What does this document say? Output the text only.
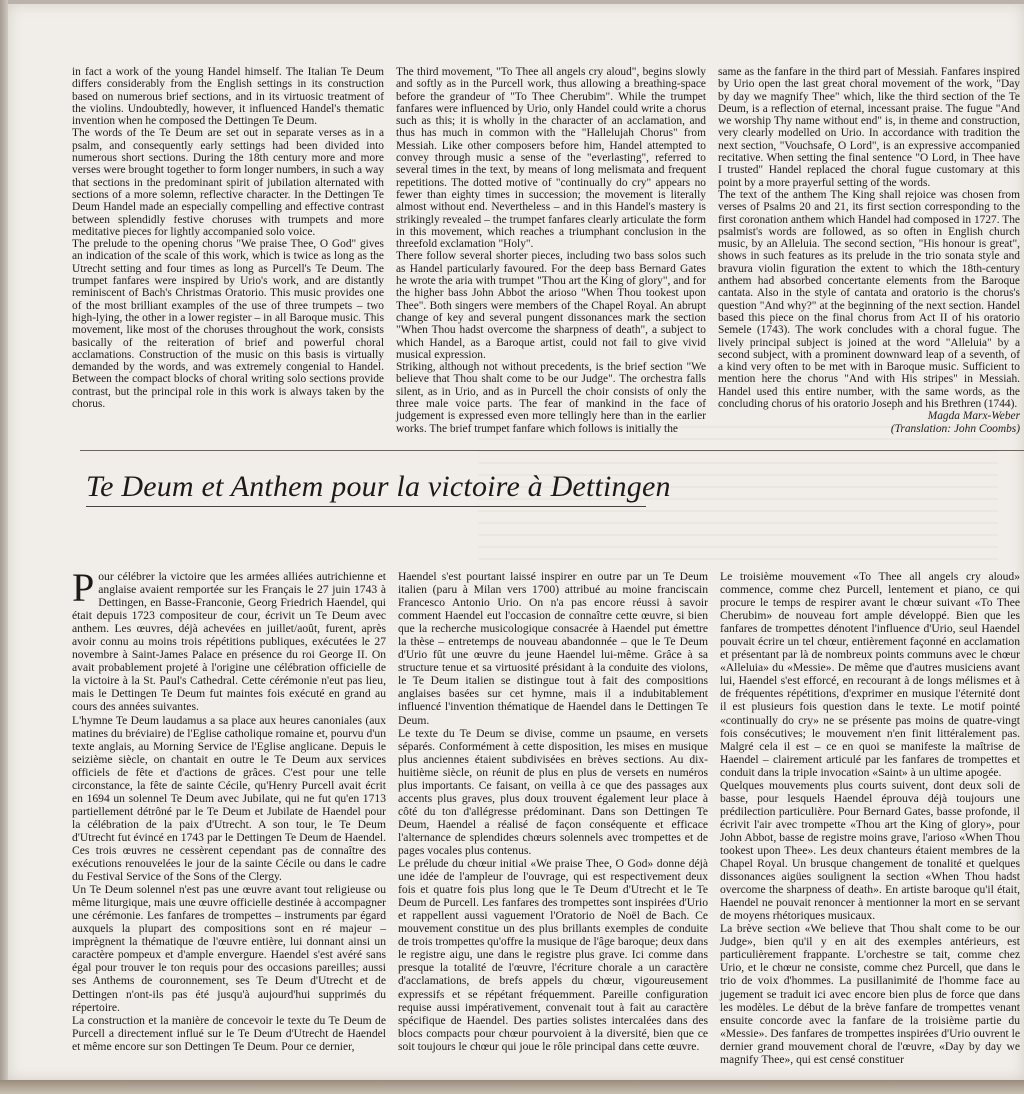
in fact a work of the young Handel himself. The Italian Te Deum differs considerably from the English settings in its construction based on numerous brief sections, and in its virtuosic treatment of the violins. Undoubtedly, however, it influenced Handel's thematic invention when he composed the Dettingen Te Deum.

The words of the Te Deum are set out in separate verses as in a psalm, and consequently early settings had been divided into numerous short sections. During the 18th century more and more verses were brought together to form longer numbers, in such a way that sections in the predominant spirit of jubilation alternated with sections of a more solemn, reflective character. In the Dettingen Te Deum Handel made an especially compelling and effective contrast between splendidly festive choruses with trumpets and more meditative pieces for lightly accompanied solo voice.

The prelude to the opening chorus "We praise Thee, O God" gives an indication of the scale of this work, which is twice as long as the Utrecht setting and four times as long as Purcell's Te Deum. The trumpet fanfares were inspired by Urio's work, and are distantly reminiscent of Bach's Christmas Oratorio. This music provides one of the most brilliant examples of the use of three trumpets – two high-lying, the other in a lower register – in all Baroque music. This movement, like most of the choruses throughout the work, consists basically of the reiteration of brief and powerful choral acclamations. Construction of the music on this basis is virtually demanded by the words, and was extremely congenial to Handel. Between the compact blocks of choral writing solo sections provide contrast, but the principal role in this work is always taken by the chorus.

The third movement, "To Thee all angels cry aloud", begins slowly and softly as in the Purcell work, thus allowing a breathing-space before the grandeur of "To Thee Cherubim". While the trumpet fanfares were influenced by Urio, only Handel could write a chorus such as this; it is wholly in the character of an acclamation, and thus has much in common with the "Hallelujah Chorus" from Messiah. Like other composers before him, Handel attempted to convey through music a sense of the "everlasting", referred to several times in the text, by means of long melismata and frequent repetitions. The dotted motive of "continually do cry" appears no fewer than eighty times in succession; the movement is literally almost without end. Nevertheless – and in this Handel's mastery is strikingly revealed – the trumpet fanfares clearly articulate the form in this movement, which reaches a triumphant conclusion in the threefold exclamation "Holy".

There follow several shorter pieces, including two bass solos such as Handel particularly favoured. For the deep bass Bernard Gates he wrote the aria with trumpet "Thou art the King of glory", and for the higher bass John Abbot the arioso "When Thou tookest upon Thee". Both singers were members of the Chapel Royal. An abrupt change of key and several pungent dissonances mark the section "When Thou hadst overcome the sharpness of death", a subject to which Handel, as a Baroque artist, could not fail to give vivid musical expression.

Striking, although not without precedents, is the brief section "We believe that Thou shalt come to be our Judge". The orchestra falls silent, as in Urio, and as in Purcell the choir consists of only the three male voice parts. The fear of mankind in the face of judgement is expressed even more tellingly here than in the earlier works. The brief trumpet fanfare which follows is initially the

same as the fanfare in the third part of Messiah. Fanfares inspired by Urio open the last great choral movement of the work, "Day by day we magnify Thee" which, like the third section of the Te Deum, is a reflection of eternal, incessant praise. The fugue "And we worship Thy name without end" is, in theme and construction, very clearly modelled on Urio. In accordance with tradition the next section, "Vouchsafe, O Lord", is an expressive accompanied recitative. When setting the final sentence "O Lord, in Thee have I trusted" Handel replaced the choral fugue customary at this point by a more prayerful setting of the words.

The text of the anthem The King shall rejoice was chosen from verses of Psalms 20 and 21, its first section corresponding to the first coronation anthem which Handel had composed in 1727. The psalmist's words are followed, as so often in English church music, by an Alleluia. The second section, "His honour is great", shows in such features as its prelude in the trio sonata style and bravura violin figuration the extent to which the 18th-century anthem had absorbed concertante elements from the Baroque cantata. Also in the style of cantata and oratorio is the chorus's question "And why?" at the beginning of the next section. Handel based this piece on the final chorus from Act II of his oratorio Semele (1743). The work concludes with a choral fugue. The lively principal subject is joined at the word "Alleluia" by a second subject, with a prominent downward leap of a seventh, of a kind very often to be met with in Baroque music. Sufficient to mention here the chorus "And with His stripes" in Messiah. Handel used this entire number, with the same words, as the concluding chorus of his oratorio Joseph and his Brethren (1744).

Magda Marx-Weber

(Translation: John Coombs)

Te Deum et Anthem pour la victoire à Dettingen

Pour célébrer la victoire que les armées alliées autrichienne et anglaise avaient remportée sur les Français le 27 juin 1743 à Dettingen, en Basse-Franconie, Georg Friedrich Haendel, qui était depuis 1723 compositeur de cour, écrivit un Te Deum avec anthem. Les œuvres, déjà achevées en juillet/août, furent, après avoir connu au moins trois répétitions publiques, exécutées le 27 novembre à Saint-James Palace en présence du roi George II. On avait probablement projeté à l'origine une célébration officielle de la victoire à la St. Paul's Cathedral. Cette cérémonie n'eut pas lieu, mais le Dettingen Te Deum fut maintes fois exécuté en grand au cours des années suivantes.

L'hymne Te Deum laudamus a sa place aux heures canoniales (aux matines du bréviaire) de l'Eglise catholique romaine et, pourvu d'un texte anglais, au Morning Service de l'Eglise anglicane. Depuis le seizième siècle, on chantait en outre le Te Deum aux services officiels de fête et d'actions de grâces. C'est pour une telle circonstance, la fête de sainte Cécile, qu'Henry Purcell avait écrit en 1694 un solennel Te Deum avec Jubilate, qui ne fut qu'en 1713 partiellement détrôné par le Te Deum et Jubilate de Haendel pour la célébration de la paix d'Utrecht. A son tour, le Te Deum d'Utrecht fut évincé en 1743 par le Dettingen Te Deum de Haendel. Ces trois œuvres ne cessèrent cependant pas de connaître des exécutions renouvelées le jour de la sainte Cécile ou dans le cadre du Festival Service of the Sons of the Clergy.

Un Te Deum solennel n'est pas une œuvre avant tout religieuse ou même liturgique, mais une œuvre officielle destinée à accompagner une cérémonie. Les fanfares de trompettes – instruments par égard auxquels la plupart des compositions sont en ré majeur – imprègnent la thématique de l'œuvre entière, lui donnant ainsi un caractère pompeux et d'ample envergure. Haendel s'est avéré sans égal pour trouver le ton requis pour des occasions pareilles; aussi ses Anthems de couronnement, ses Te Deum d'Utrecht et de Dettingen n'ont-ils pas été jusqu'à aujourd'hui supprimés du répertoire.

La construction et la manière de concevoir le texte du Te Deum de Purcell a directement influé sur le Te Deum d'Utrecht de Haendel et même encore sur son Dettingen Te Deum. Pour ce dernier,

Haendel s'est pourtant laissé inspirer en outre par un Te Deum italien (paru à Milan vers 1700) attribué au moine franciscain Francesco Antonio Urio. On n'a pas encore réussi à savoir comment Haendel eut l'occasion de connaître cette œuvre, si bien que la recherche musicologique consacrée à Haendel put émettre la thèse – entretemps de nouveau abandonnée – que le Te Deum d'Urio fût une œuvre du jeune Haendel lui-même. Grâce à sa structure tenue et sa virtuosité présidant à la conduite des violons, le Te Deum italien se distingue tout à fait des compositions anglaises basées sur cet hymne, mais il a indubitablement influencé l'invention thématique de Haendel dans le Dettingen Te Deum.

Le texte du Te Deum se divise, comme un psaume, en versets séparés. Conformément à cette disposition, les mises en musique plus anciennes étaient subdivisées en brèves sections. Au dix-huitième siècle, on réunit de plus en plus de versets en numéros plus importants. Ce faisant, on veilla à ce que des passages aux accents plus graves, plus doux trouvent également leur place à côté du ton d'allégresse prédominant. Dans son Dettingen Te Deum, Haendel a réalisé de façon conséquente et efficace l'alternance de splendides chœurs solennels avec trompettes et de pages vocales plus contenus.

Le prélude du chœur initial «We praise Thee, O God» donne déjà une idée de l'ampleur de l'ouvrage, qui est respectivement deux fois et quatre fois plus long que le Te Deum d'Utrecht et le Te Deum de Purcell. Les fanfares des trompettes sont inspirées d'Urio et rappellent aussi vaguement l'Oratorio de Noël de Bach. Ce mouvement constitue un des plus brillants exemples de conduite de trois trompettes qu'offre la musique de l'âge baroque; deux dans le registre aigu, une dans le registre plus grave. Ici comme dans presque la totalité de l'œuvre, l'écriture chorale a un caractère d'acclamations, de brefs appels du chœur, vigoureusement expressifs et se répétant fréquemment. Pareille configuration requise aussi impérativement, convenait tout à fait au caractère spécifique de Haendel. Des parties solistes intercalées dans des blocs compacts pour chœur pourvoient à la diversité, bien que ce soit toujours le chœur qui joue le rôle principal dans cette œuvre.

Le troisième mouvement «To Thee all angels cry aloud» commence, comme chez Purcell, lentement et piano, ce qui procure le temps de respirer avant le chœur suivant «To Thee Cherubim» de nouveau fort ample développé. Bien que les fanfares de trompettes dénotent l'influence d'Urio, seul Haendel pouvait écrire un tel chœur, entièrement façonné en acclamation et présentant par là de nombreux points communs avec le chœur «Alleluia» du «Messie». De même que d'autres musiciens avant lui, Haendel s'est efforcé, en recourant à de longs mélismes et à de fréquentes répétitions, d'exprimer en musique l'éternité dont il est plusieurs fois question dans le texte. Le motif pointé «continually do cry» ne se présente pas moins de quatre-vingt fois consécutives; le mouvement n'en finit littéralement pas. Malgré cela il est – ce en quoi se manifeste la maîtrise de Haendel – clairement articulé par les fanfares de trompettes et conduit dans la triple invocation «Saint» à un ultime apogée.

Quelques mouvements plus courts suivent, dont deux soli de basse, pour lesquels Haendel éprouva déjà toujours une prédilection particulière. Pour Bernard Gates, basse profonde, il écrivit l'air avec trompette «Thou art the King of glory», pour John Abbot, basse de registre moins grave, l'arioso «When Thou tookest upon Thee». Les deux chanteurs étaient membres de la Chapel Royal. Un brusque changement de tonalité et quelques dissonances aigües soulignent la section «When Thou hadst overcome the sharpness of death». En artiste baroque qu'il était, Haendel ne pouvait renoncer à mentionner la mort en se servant de moyens rhétoriques musicaux.

La brève section «We believe that Thou shalt come to be our Judge», bien qu'il y en ait des exemples antérieurs, est particulièrement frappante. L'orchestre se tait, comme chez Urio, et le chœur ne consiste, comme chez Purcell, que dans le trio de voix d'hommes. La pusillanimité de l'homme face au jugement se traduit ici avec encore bien plus de force que dans les modèles. Le début de la brève fanfare de trompettes venant ensuite concorde avec la fanfare de la troisième partie du «Messie». Des fanfares de trompettes inspirées d'Urio ouvrent le dernier grand mouvement choral de l'œuvre, «Day by day we magnify Thee», qui est censé constituer
